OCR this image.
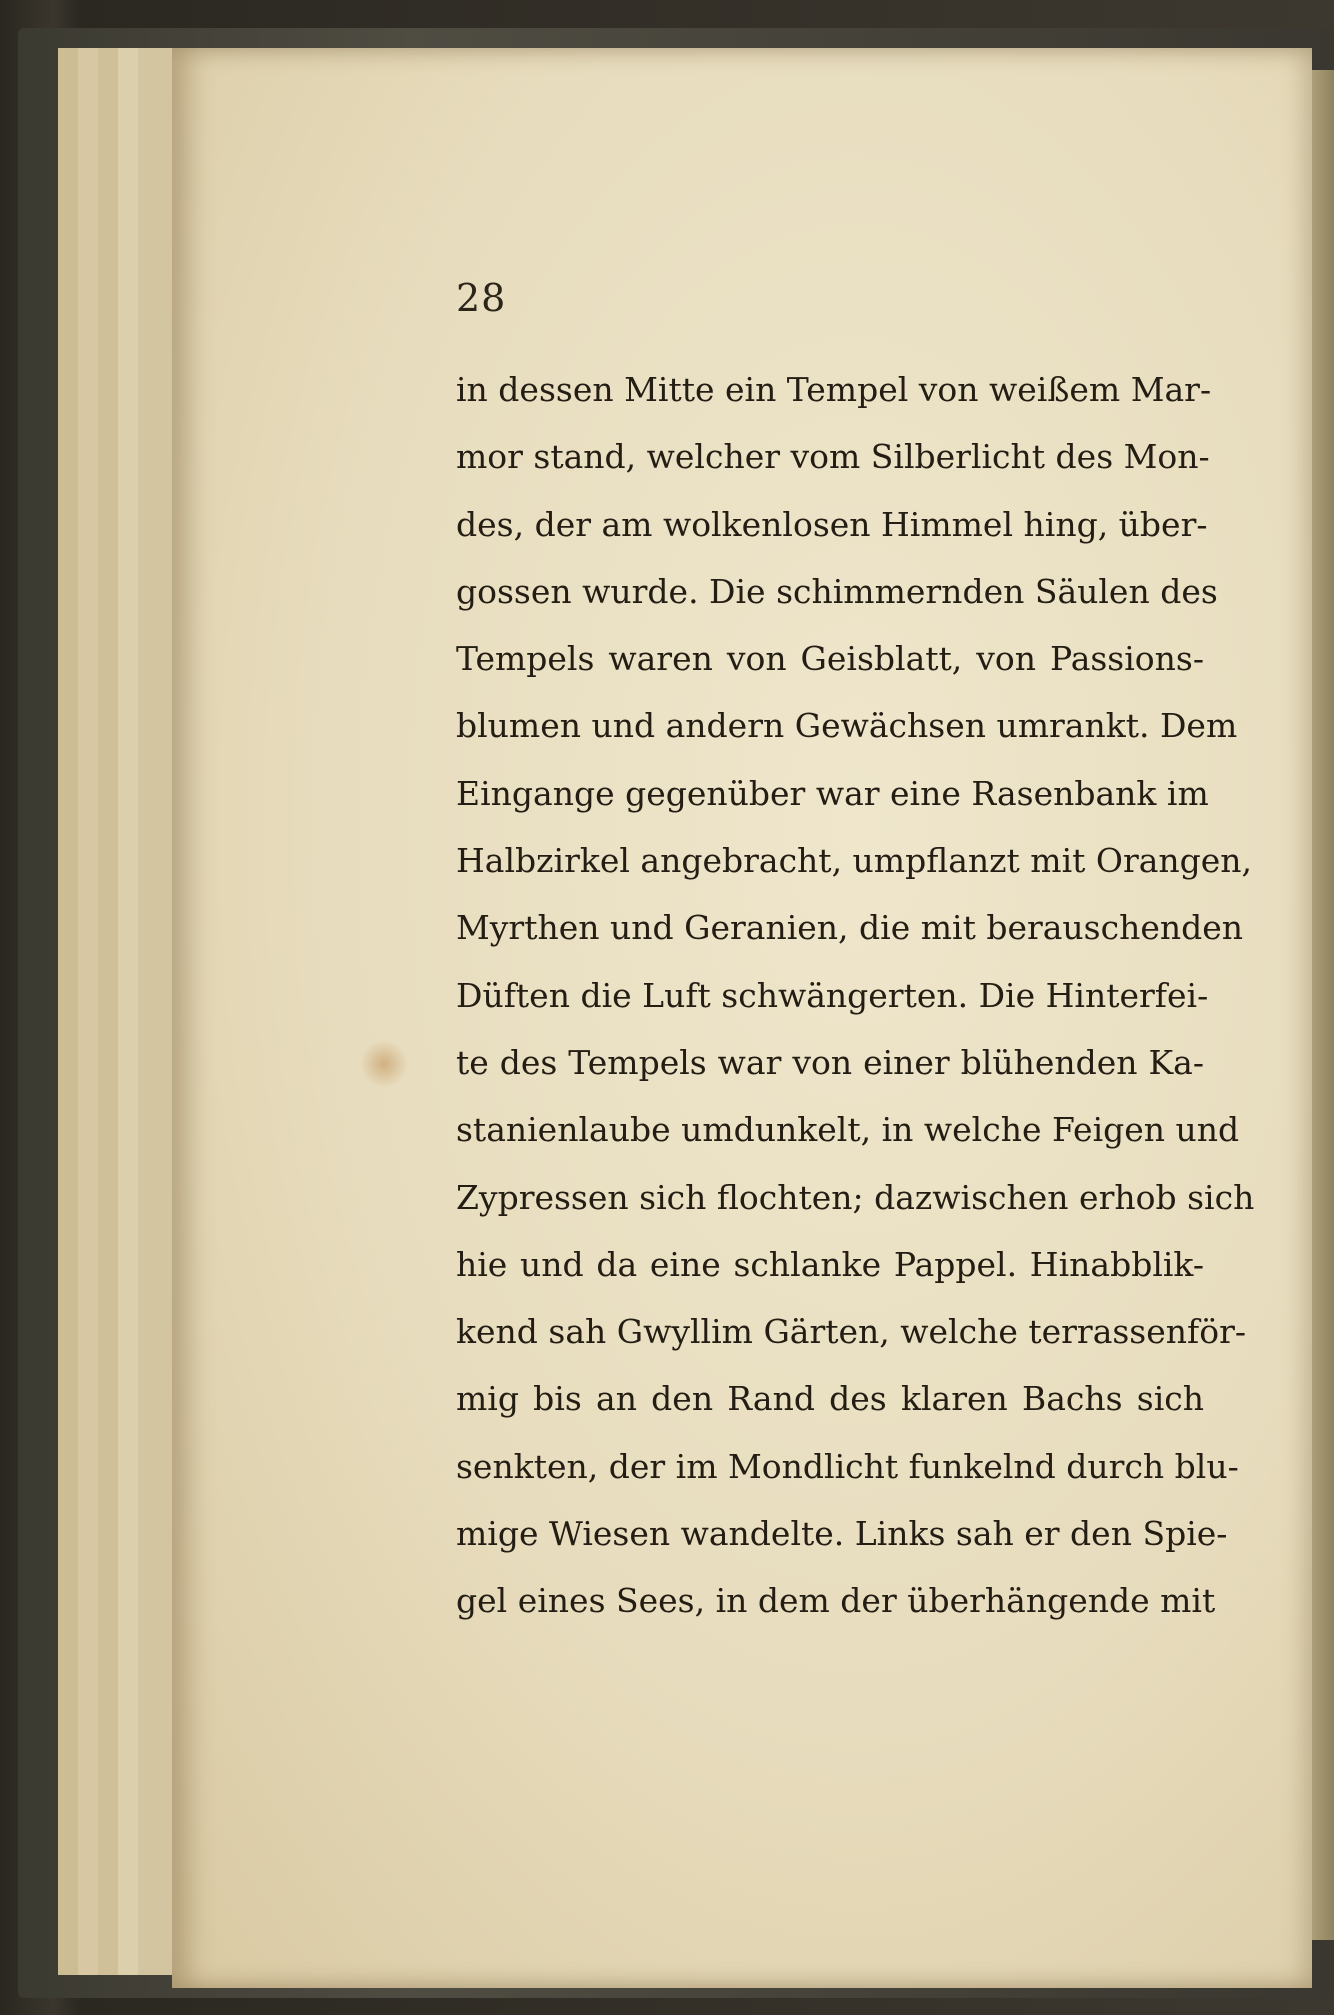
28
in dessen Mitte ein Tempel von weißem Mar-
mor stand, welcher vom Silberlicht des Mon-
des, der am wolkenlosen Himmel hing, über-
gossen wurde. Die schimmernden Säulen des
Tempels waren von Geisblatt, von Passions-
blumen und andern Gewächsen umrankt. Dem
Eingange gegenüber war eine Rasenbank im
Halbzirkel angebracht, umpflanzt mit Orangen,
Myrthen und Geranien, die mit berauschenden
Düften die Luft schwängerten. Die Hinterfei-
te des Tempels war von einer blühenden Ka-
stanienlaube umdunkelt, in welche Feigen und
Zypressen sich flochten; dazwischen erhob sich
hie und da eine schlanke Pappel. Hinabblik-
kend sah Gwyllim Gärten, welche terrassenför-
mig bis an den Rand des klaren Bachs sich
senkten, der im Mondlicht funkelnd durch blu-
mige Wiesen wandelte. Links sah er den Spie-
gel eines Sees, in dem der überhängende mit
